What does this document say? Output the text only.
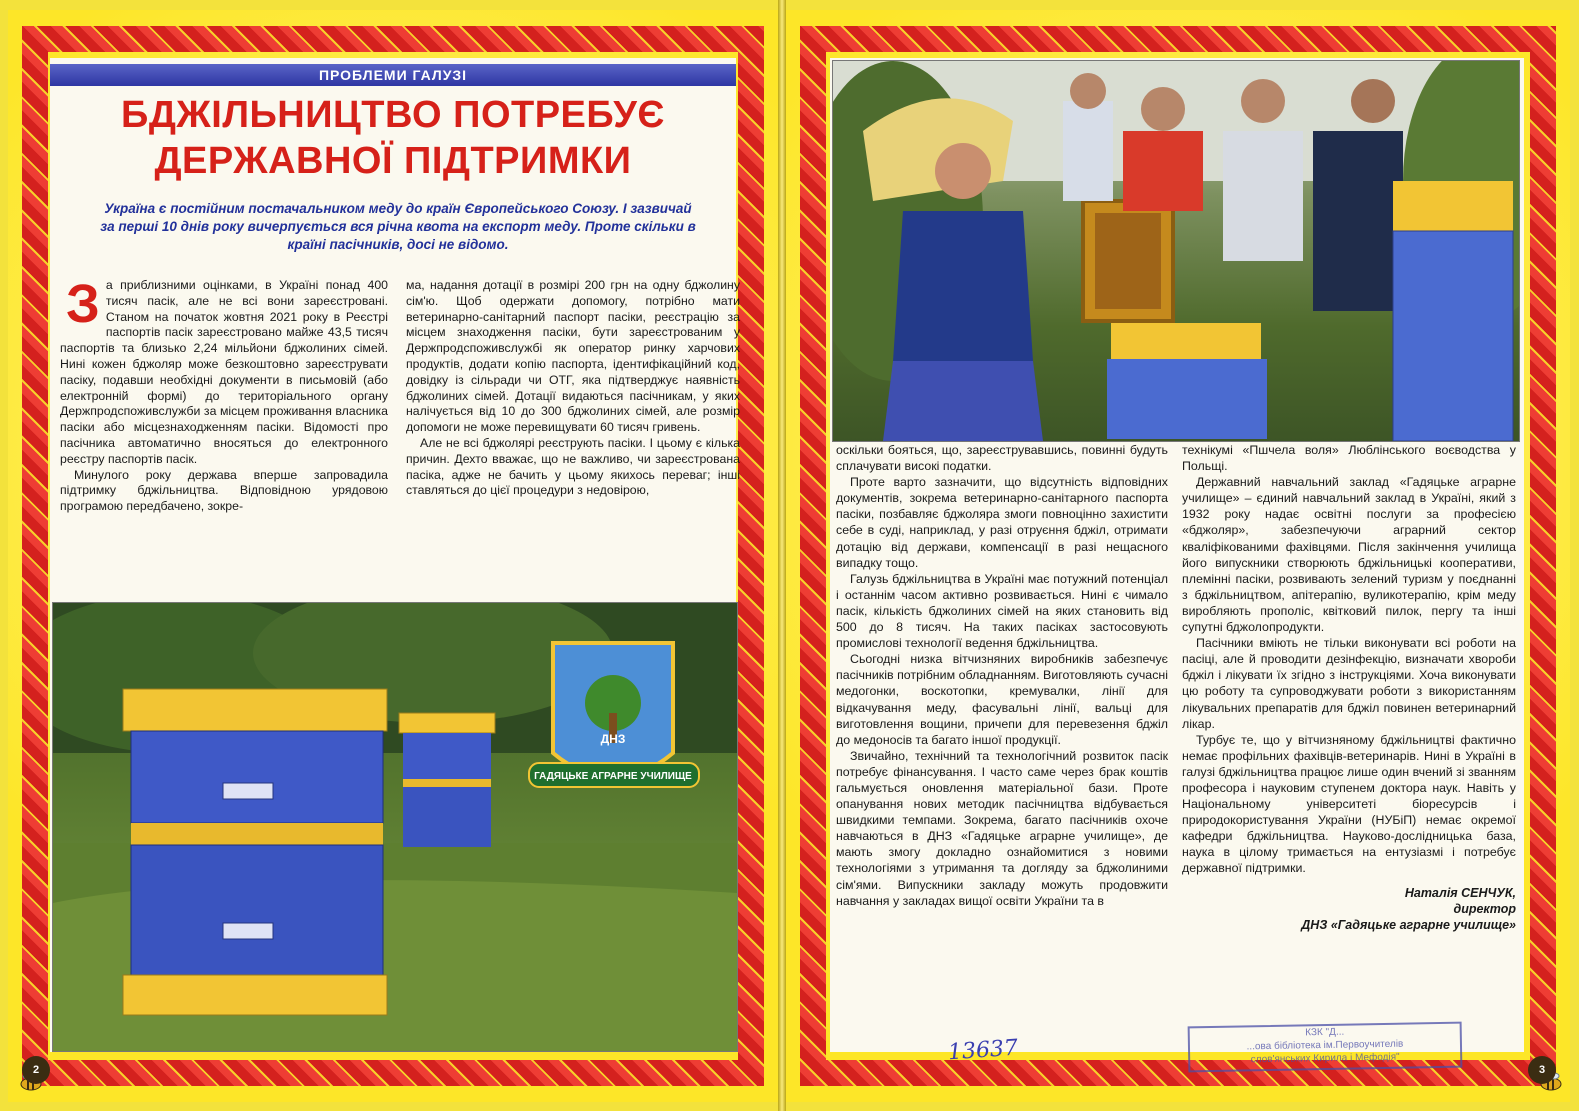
ПРОБЛЕМИ ГАЛУЗІ
БДЖІЛЬНИЦТВО ПОТРЕБУЄ
ДЕРЖАВНОЇ ПІДТРИМКИ
Україна є постійним постачальником меду до країн Європейського Союзу. І зазвичай за перші 10 днів року вичерпується вся річна квота на експорт меду. Проте скільки в країні пасічників, досі не відомо.

За приблизними оцінками, в Україні понад 400 тисяч пасік, але не всі вони зареєстровані. Станом на початок жовтня 2021 року в Реєстрі паспортів пасік зареєстровано майже 43,5 тисяч паспортів та близько 2,24 мільйони бджолиних сімей. Нині кожен бджоляр може безкоштовно зареєструвати пасіку, подавши необхідні документи в письмовій (або електронній формі) до територіального органу Держпродспоживслужби за місцем проживання власника пасіки або місцезнаходженням пасіки. Відомості про пасічника автоматично вносяться до електронного реєстру паспортів пасік.

Минулого року держава вперше запровадила підтримку бджільництва. Відповідною урядовою програмою передбачено, зокре-

ма, надання дотації в розмірі 200 грн на одну бджолину сім'ю. Щоб одержати допомогу, потрібно мати ветеринарно-санітарний паспорт пасіки, реєстрацію за місцем знаходження пасіки, бути зареєстрованим у Держпродспоживслужбі як оператор ринку харчових продуктів, додати копію паспорта, ідентифікаційний код, довідку із сільради чи ОТГ, яка підтверджує наявність бджолиних сімей. Дотації видаються пасічникам, у яких налічується від 10 до 300 бджолиних сімей, але розмір допомоги не може перевищувати 60 тисяч гривень.

Але не всі бджолярі реєструють пасіки. І цьому є кілька причин. Дехто вважає, що не важливо, чи зареєстрована пасіка, адже не бачить у цьому якихось переваг; інші ставляться до цієї процедури з недовірою,

ГАДЯЦЬКЕ АГРАРНЕ УЧИЛИЩЕ
ДНЗ
2

оскільки бояться, що, зареєструвавшись, повинні будуть сплачувати високі податки.

Проте варто зазначити, що відсутність відповідних документів, зокрема ветеринарно-санітарного паспорта пасіки, позбавляє бджоляра змоги повноцінно захистити себе в суді, наприклад, у разі отруєння бджіл, отримати дотацію від держави, компенсації в разі нещасного випадку тощо.

Галузь бджільництва в Україні має потужний потенціал і останнім часом активно розвивається. Нині є чимало пасік, кількість бджолиних сімей на яких становить від 500 до 8 тисяч. На таких пасіках застосовують промислові технології ведення бджільництва.

Сьогодні низка вітчизняних виробників забезпечує пасічників потрібним обладнанням. Виготовляють сучасні медогонки, воскотопки, кремувалки, лінії для відкачування меду, фасувальні лінії, вальці для виготовлення вощини, причепи для перевезення бджіл до медоносів та багато іншої продукції.

Звичайно, технічний та технологічний розвиток пасік потребує фінансування. І часто саме через брак коштів гальмується оновлення матеріальної бази. Проте опанування нових методик пасічництва відбувається швидкими темпами. Зокрема, багато пасічників охоче навчаються в ДНЗ «Гадяцьке аграрне училище», де мають змогу докладно ознайомитися з новими технологіями з утримання та догляду за бджолиними сім'ями. Випускники закладу можуть продовжити навчання у закладах вищої освіти України та в

технікумі «Пшчела воля» Люблінського воєводства у Польщі.

Державний навчальний заклад «Гадяцьке аграрне училище» – єдиний навчальний заклад в Україні, який з 1932 року надає освітні послуги за професією «бджоляр», забезпечуючи аграрний сектор кваліфікованими фахівцями. Після закінчення училища його випускники створюють бджільницькі кооперативи, племінні пасіки, розвивають зелений туризм у поєднанні з бджільництвом, апітерапію, вуликотерапію, крім меду виробляють прополіс, квітковий пилок, пергу та інші супутні бджолопродукти.

Пасічники вміють не тільки виконувати всі роботи на пасіці, але й проводити дезінфекцію, визначати хвороби бджіл і лікувати їх згідно з інструкціями. Хоча виконувати цю роботу та супроводжувати роботи з використанням лікувальних препаратів для бджіл повинен ветеринарний лікар.

Турбує те, що у вітчизняному бджільництві фактично немає профільних фахівців-ветеринарів. Нині в Україні в галузі бджільництва працює лише один вчений зі званням професора і науковим ступенем доктора наук. Навіть у Національному університеті біоресурсів і природокористування України (НУБіП) немає окремої кафедри бджільництва. Науково-дослідницька база, наука в цілому тримається на ентузіазмі і потребує державної підтримки.

Наталія СЕНЧУК,
директор
ДНЗ «Гадяцьке аграрне училище»
13637
КЗК "Д...
...ова бібліотека ім.Первоучителів
слов'янських Кирила і Мефодія"
3
